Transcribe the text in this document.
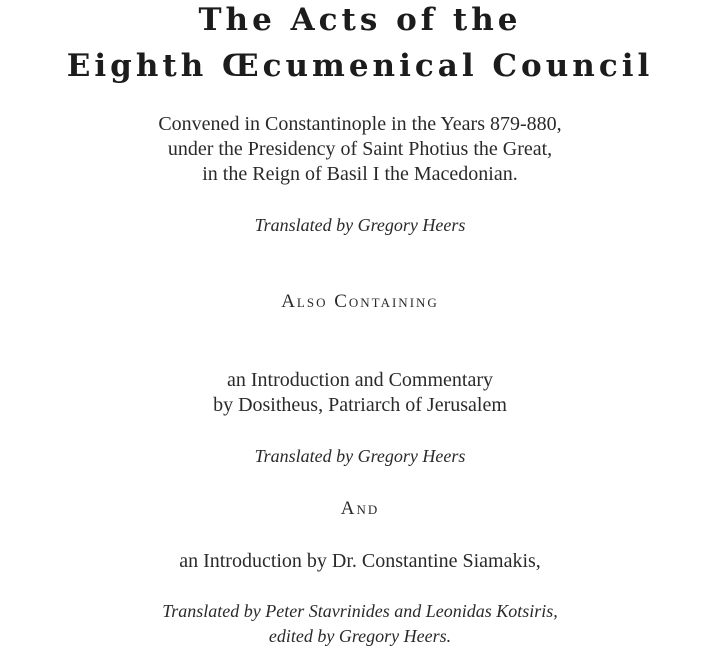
The Acts of the
Eighth Œcumenical Council
Convened in Constantinople in the Years 879-880,
under the Presidency of Saint Photius the Great,
in the Reign of Basil I the Macedonian.
Translated by Gregory Heers
Also Containing
an Introduction and Commentary
by Dositheus, Patriarch of Jerusalem
Translated by Gregory Heers
And
an Introduction by Dr. Constantine Siamakis,
Translated by Peter Stavrinides and Leonidas Kotsiris,
edited by Gregory Heers.
